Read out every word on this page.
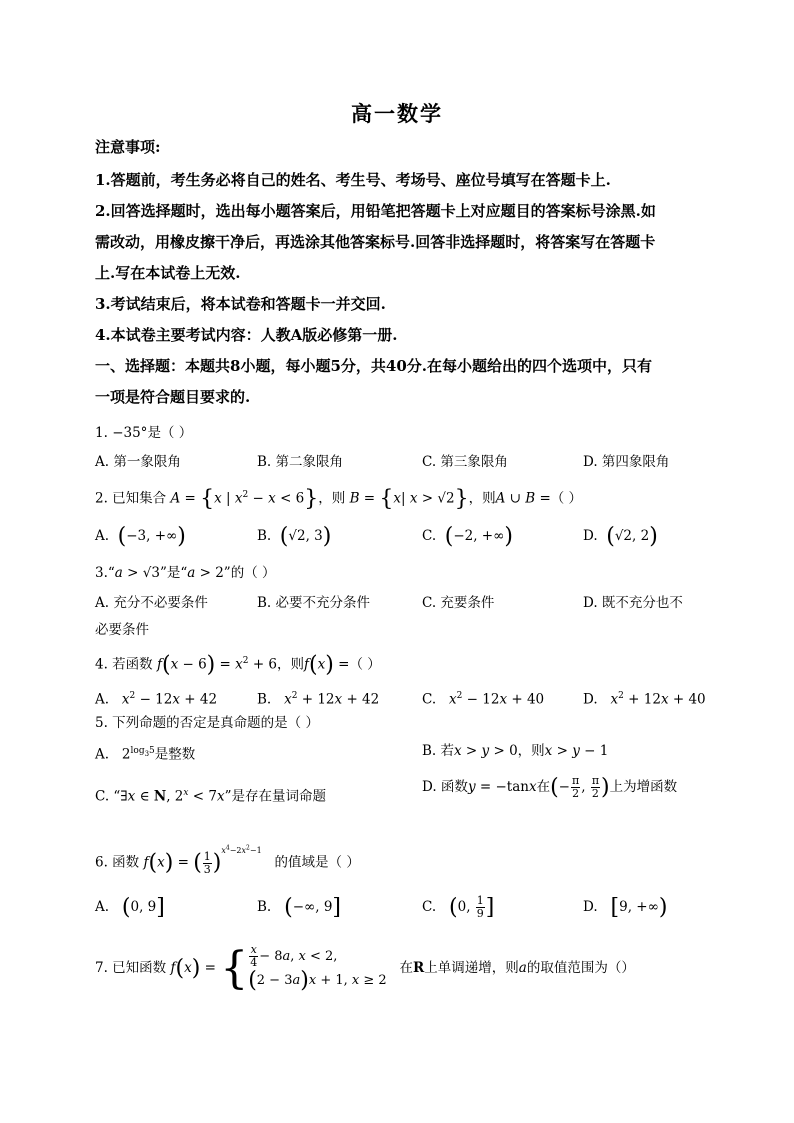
高一数学
注意事项:
1.答题前，考生务必将自己的姓名、考生号、考场号、座位号填写在答题卡上.
2.回答选择题时，选出每小题答案后，用铅笔把答题卡上对应题目的答案标号涂黑.如
需改动，用橡皮擦干净后，再选涂其他答案标号.回答非选择题时，将答案写在答题卡
上.写在本试卷上无效.
3.考试结束后，将本试卷和答题卡一并交回.
4.本试卷主要考试内容：人教A版必修第一册.
一、选择题：本题共8小题，每小题5分，共40分.在每小题给出的四个选项中，只有
一项是符合题目要求的.
1. −35°是（ ）
A. 第一象限角	B. 第二象限角	C. 第三象限角	D. 第四象限角
2. 已知集合 A = {x | $x^2 - x < 6$}，则 B = {x| x > √2}，则A ∪ B =（ ）
A.  (−3, +∞)	B.  (√2, 3)	C.  (−2, +∞)	D.  (√2, 2)
3.“a > √3”是“a > 2”的（ ）
A. 充分不必要条件	B. 必要不充分条件	C. 充要条件	D. 既不充分也不
必要条件
4. 若函数 $f(x - 6) = x^2 + 6$，则f(x) =（ ）
A.   $x^2 - 12x + 42$	B.   $x^2 + 12x + 42$	C.   $x^2 - 12x + 40$	D.   $x^2 + 12x + 40$
5. 下列命题的否定是真命题的是（ ）
A.   $2^{log_35}$是整数	B. 若x > y > 0，则x > y − 1
C. “∃x ∈ N, $2^x < 7x$”是存在量词命题
D. 函数y = −tanx在(− $\frac{\pi}{2}$ , $\frac{\pi}{2}$ )上为增函数
6. 函数 f(x) = ( $\frac{1}{3} )^{x^4-2x^2-1}$   的值域是（ ）
A.   (0, 9]	B.   (−∞, 9]	C.   (0, $\frac{1}{9}$ ]	D.   [9, +∞)
7. 已知函数 f(x) = { $\frac{x}{4} - 8a$, x < 2,
(2 − 3a)x + 1, x ≥ 2
在R上单调递增，则a的取值范围为（）
